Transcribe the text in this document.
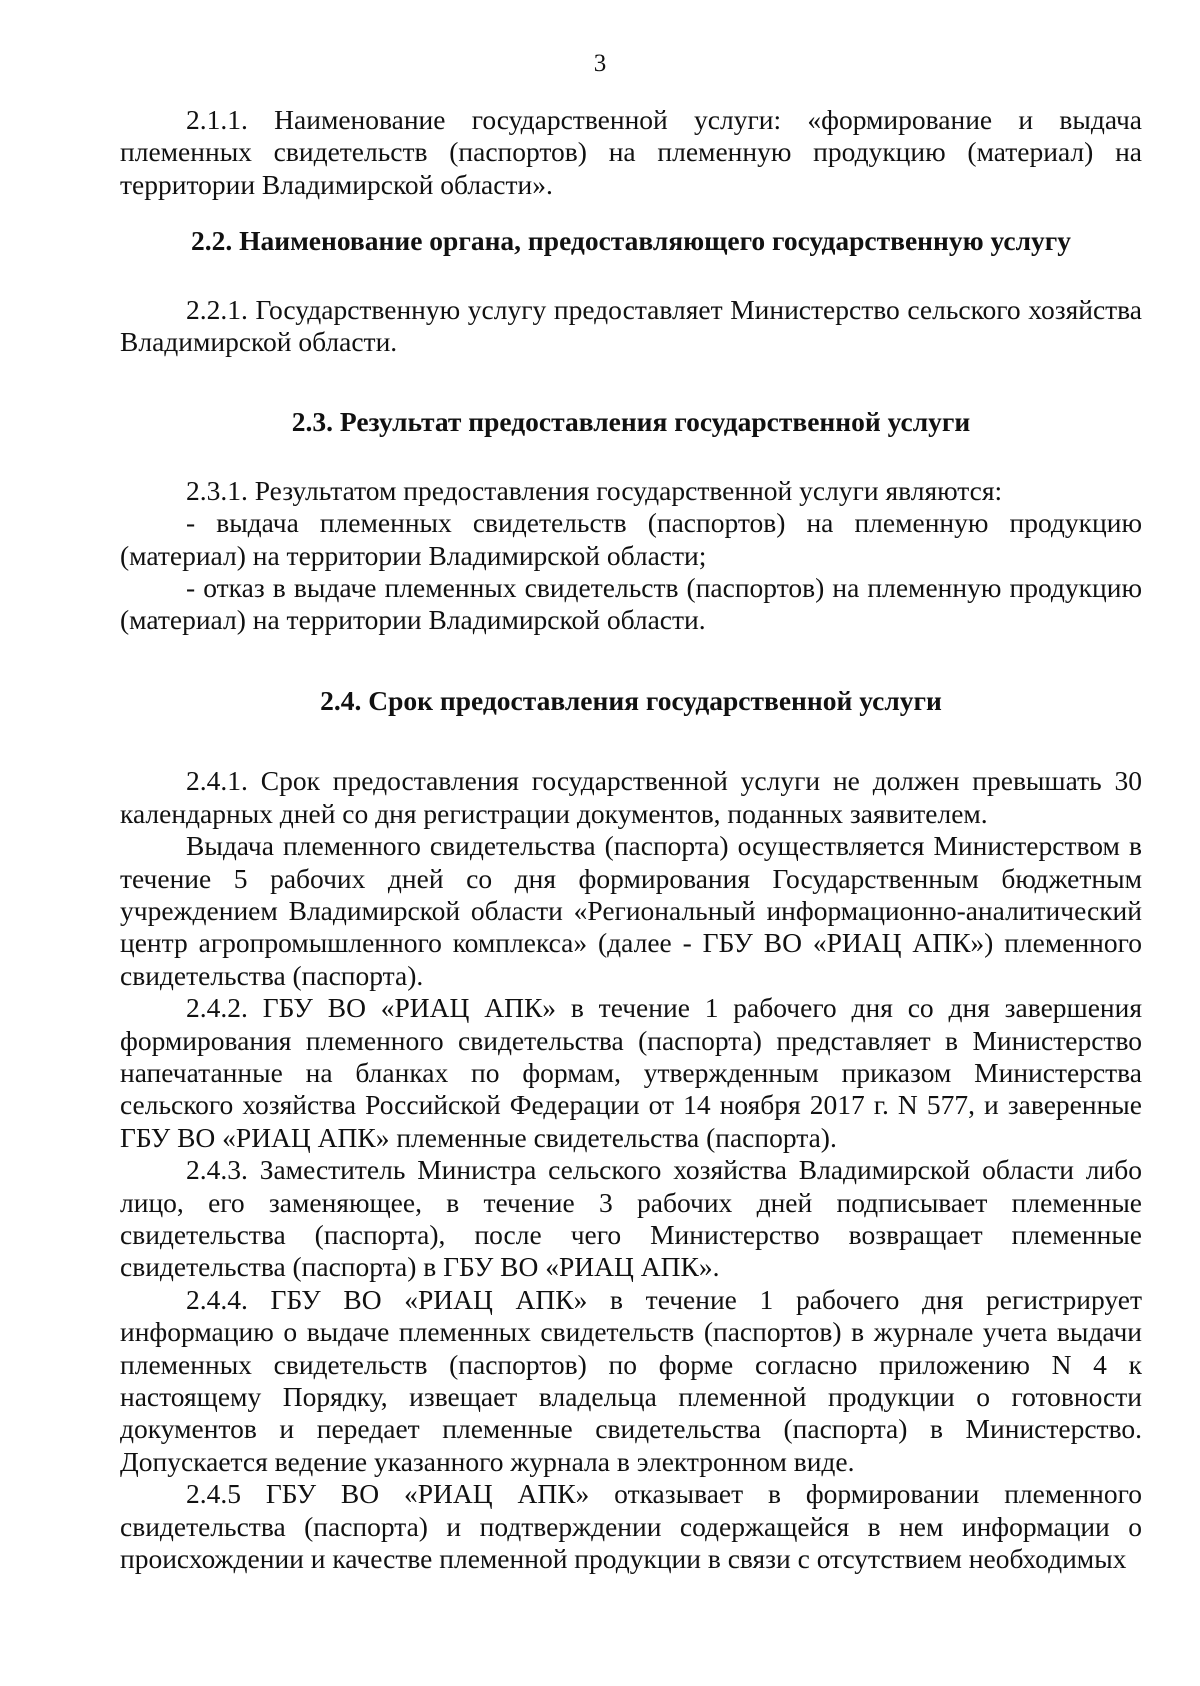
3

2.1.1. Наименование государственной услуги: «формирование и выдача племенных свидетельств (паспортов) на племенную продукцию (материал) на территории Владимирской области».

2.2. Наименование органа, предоставляющего государственную услугу

2.2.1. Государственную услугу предоставляет Министерство сельского хозяйства Владимирской области.

2.3. Результат предоставления государственной услуги

2.3.1. Результатом предоставления государственной услуги являются:

- выдача племенных свидетельств (паспортов) на племенную продукцию (материал) на территории Владимирской области;

- отказ в выдаче племенных свидетельств (паспортов) на племенную продукцию (материал) на территории Владимирской области.

2.4. Срок предоставления государственной услуги

2.4.1. Срок предоставления государственной услуги не должен превышать 30 календарных дней со дня регистрации документов, поданных заявителем.

Выдача племенного свидетельства (паспорта) осуществляется Министерством в течение 5 рабочих дней со дня формирования Государственным бюджетным учреждением Владимирской области «Региональный информационно-аналитический центр агропромышленного комплекса» (далее - ГБУ ВО «РИАЦ АПК») племенного свидетельства (паспорта).

2.4.2. ГБУ ВО «РИАЦ АПК» в течение 1 рабочего дня со дня завершения формирования племенного свидетельства (паспорта) представляет в Министерство напечатанные на бланках по формам, утвержденным приказом Министерства сельского хозяйства Российской Федерации от 14 ноября 2017 г. N 577, и заверенные ГБУ ВО «РИАЦ АПК» племенные свидетельства (паспорта).

2.4.3. Заместитель Министра сельского хозяйства Владимирской области либо лицо, его заменяющее, в течение 3 рабочих дней подписывает племенные свидетельства (паспорта), после чего Министерство возвращает племенные свидетельства (паспорта) в ГБУ ВО «РИАЦ АПК».

2.4.4. ГБУ ВО «РИАЦ АПК» в течение 1 рабочего дня регистрирует информацию о выдаче племенных свидетельств (паспортов) в журнале учета выдачи племенных свидетельств (паспортов) по форме согласно приложению N 4 к настоящему Порядку, извещает владельца племенной продукции о готовности документов и передает племенные свидетельства (паспорта) в Министерство. Допускается ведение указанного журнала в электронном виде.

2.4.5 ГБУ ВО «РИАЦ АПК» отказывает в формировании племенного свидетельства (паспорта) и подтверждении содержащейся в нем информации о происхождении и качестве племенной продукции в связи с отсутствием необходимых
